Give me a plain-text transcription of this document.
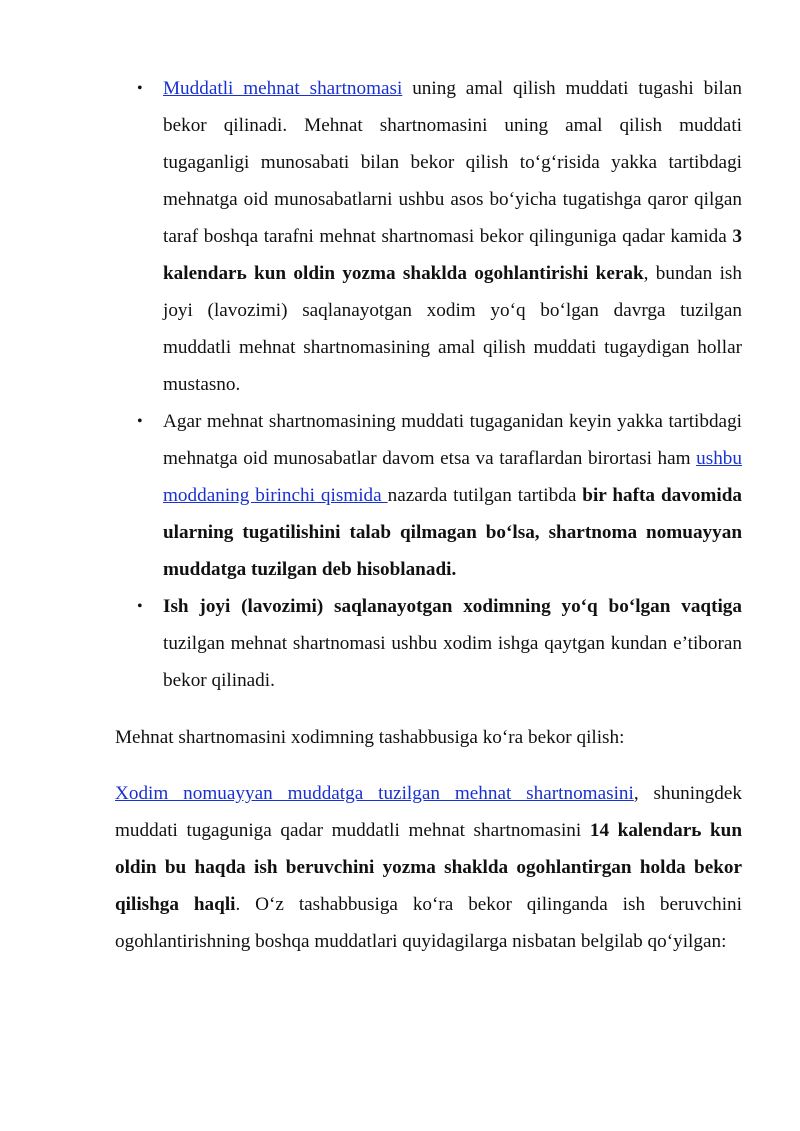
• Muddatli mehnat shartnomasi uning amal qilish muddati tugashi bilan bekor qilinadi. Mehnat shartnomasini uning amal qilish muddati tugaganligi munosabati bilan bekor qilish to‘g‘risida yakka tartibdagi mehnatga oid munosabatlarni ushbu asos bo‘yicha tugatishga qaror qilgan taraf boshqa tarafni mehnat shartnomasi bekor qilinguniga qadar kamida 3 kalendarь kun oldin yozma shaklda ogohlantirishi kerak, bundan ish joyi (lavozimi) saqlanayotgan xodim yo‘q bo‘lgan davrga tuzilgan muddatli mehnat shartnomasining amal qilish muddati tugaydigan hollar mustasno.
• Agar mehnat shartnomasining muddati tugaganidan keyin yakka tartibdagi mehnatga oid munosabatlar davom etsa va taraflardan birortasi ham ushbu moddaning birinchi qismida nazarda tutilgan tartibda bir hafta davomida ularning tugatilishini talab qilmagan bo‘lsa, shartnoma nomuayyan muddatga tuzilgan deb hisoblanadi.
• Ish joyi (lavozimi) saqlanayotgan xodimning yo‘q bo‘lgan vaqtiga tuzilgan mehnat shartnomasi ushbu xodim ishga qaytgan kundan e’tiboran bekor qilinadi.

Mehnat shartnomasini xodimning tashabbusiga ko‘ra bekor qilish:

Xodim nomuayyan muddatga tuzilgan mehnat shartnomasini, shuningdek muddati tugaguniga qadar muddatli mehnat shartnomasini 14 kalendarь kun oldin bu haqda ish beruvchini yozma shaklda ogohlantirgan holda bekor qilishga haqli. O‘z tashabbusiga ko‘ra bekor qilinganda ish beruvchini ogohlantirishning boshqa muddatlari quyidagilarga nisbatan belgilab qo‘yilgan:
